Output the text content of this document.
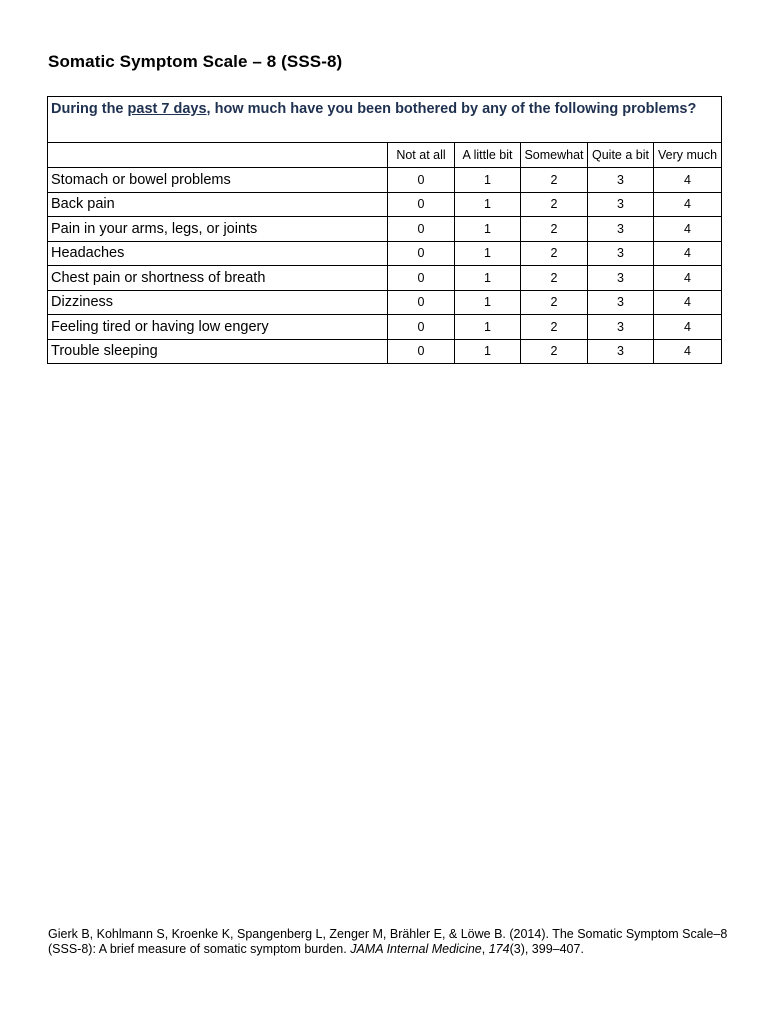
Somatic Symptom Scale – 8 (SSS-8)
During the past 7 days, how much have you been bothered by any of the following problems?					
	Not at all	A little bit	Somewhat	Quite a bit	Very much
Stomach or bowel problems	0	1	2	3	4
Back pain	0	1	2	3	4
Pain in your arms, legs, or joints	0	1	2	3	4
Headaches	0	1	2	3	4
Chest pain or shortness of breath	0	1	2	3	4
Dizziness	0	1	2	3	4
Feeling tired or having low engery	0	1	2	3	4
Trouble sleeping	0	1	2	3	4
Gierk B, Kohlmann S, Kroenke K, Spangenberg L, Zenger M, Brähler E, & Löwe B. (2014). The Somatic Symptom Scale–8 (SSS-8): A brief measure of somatic symptom burden. JAMA Internal Medicine, 174(3), 399–407.
